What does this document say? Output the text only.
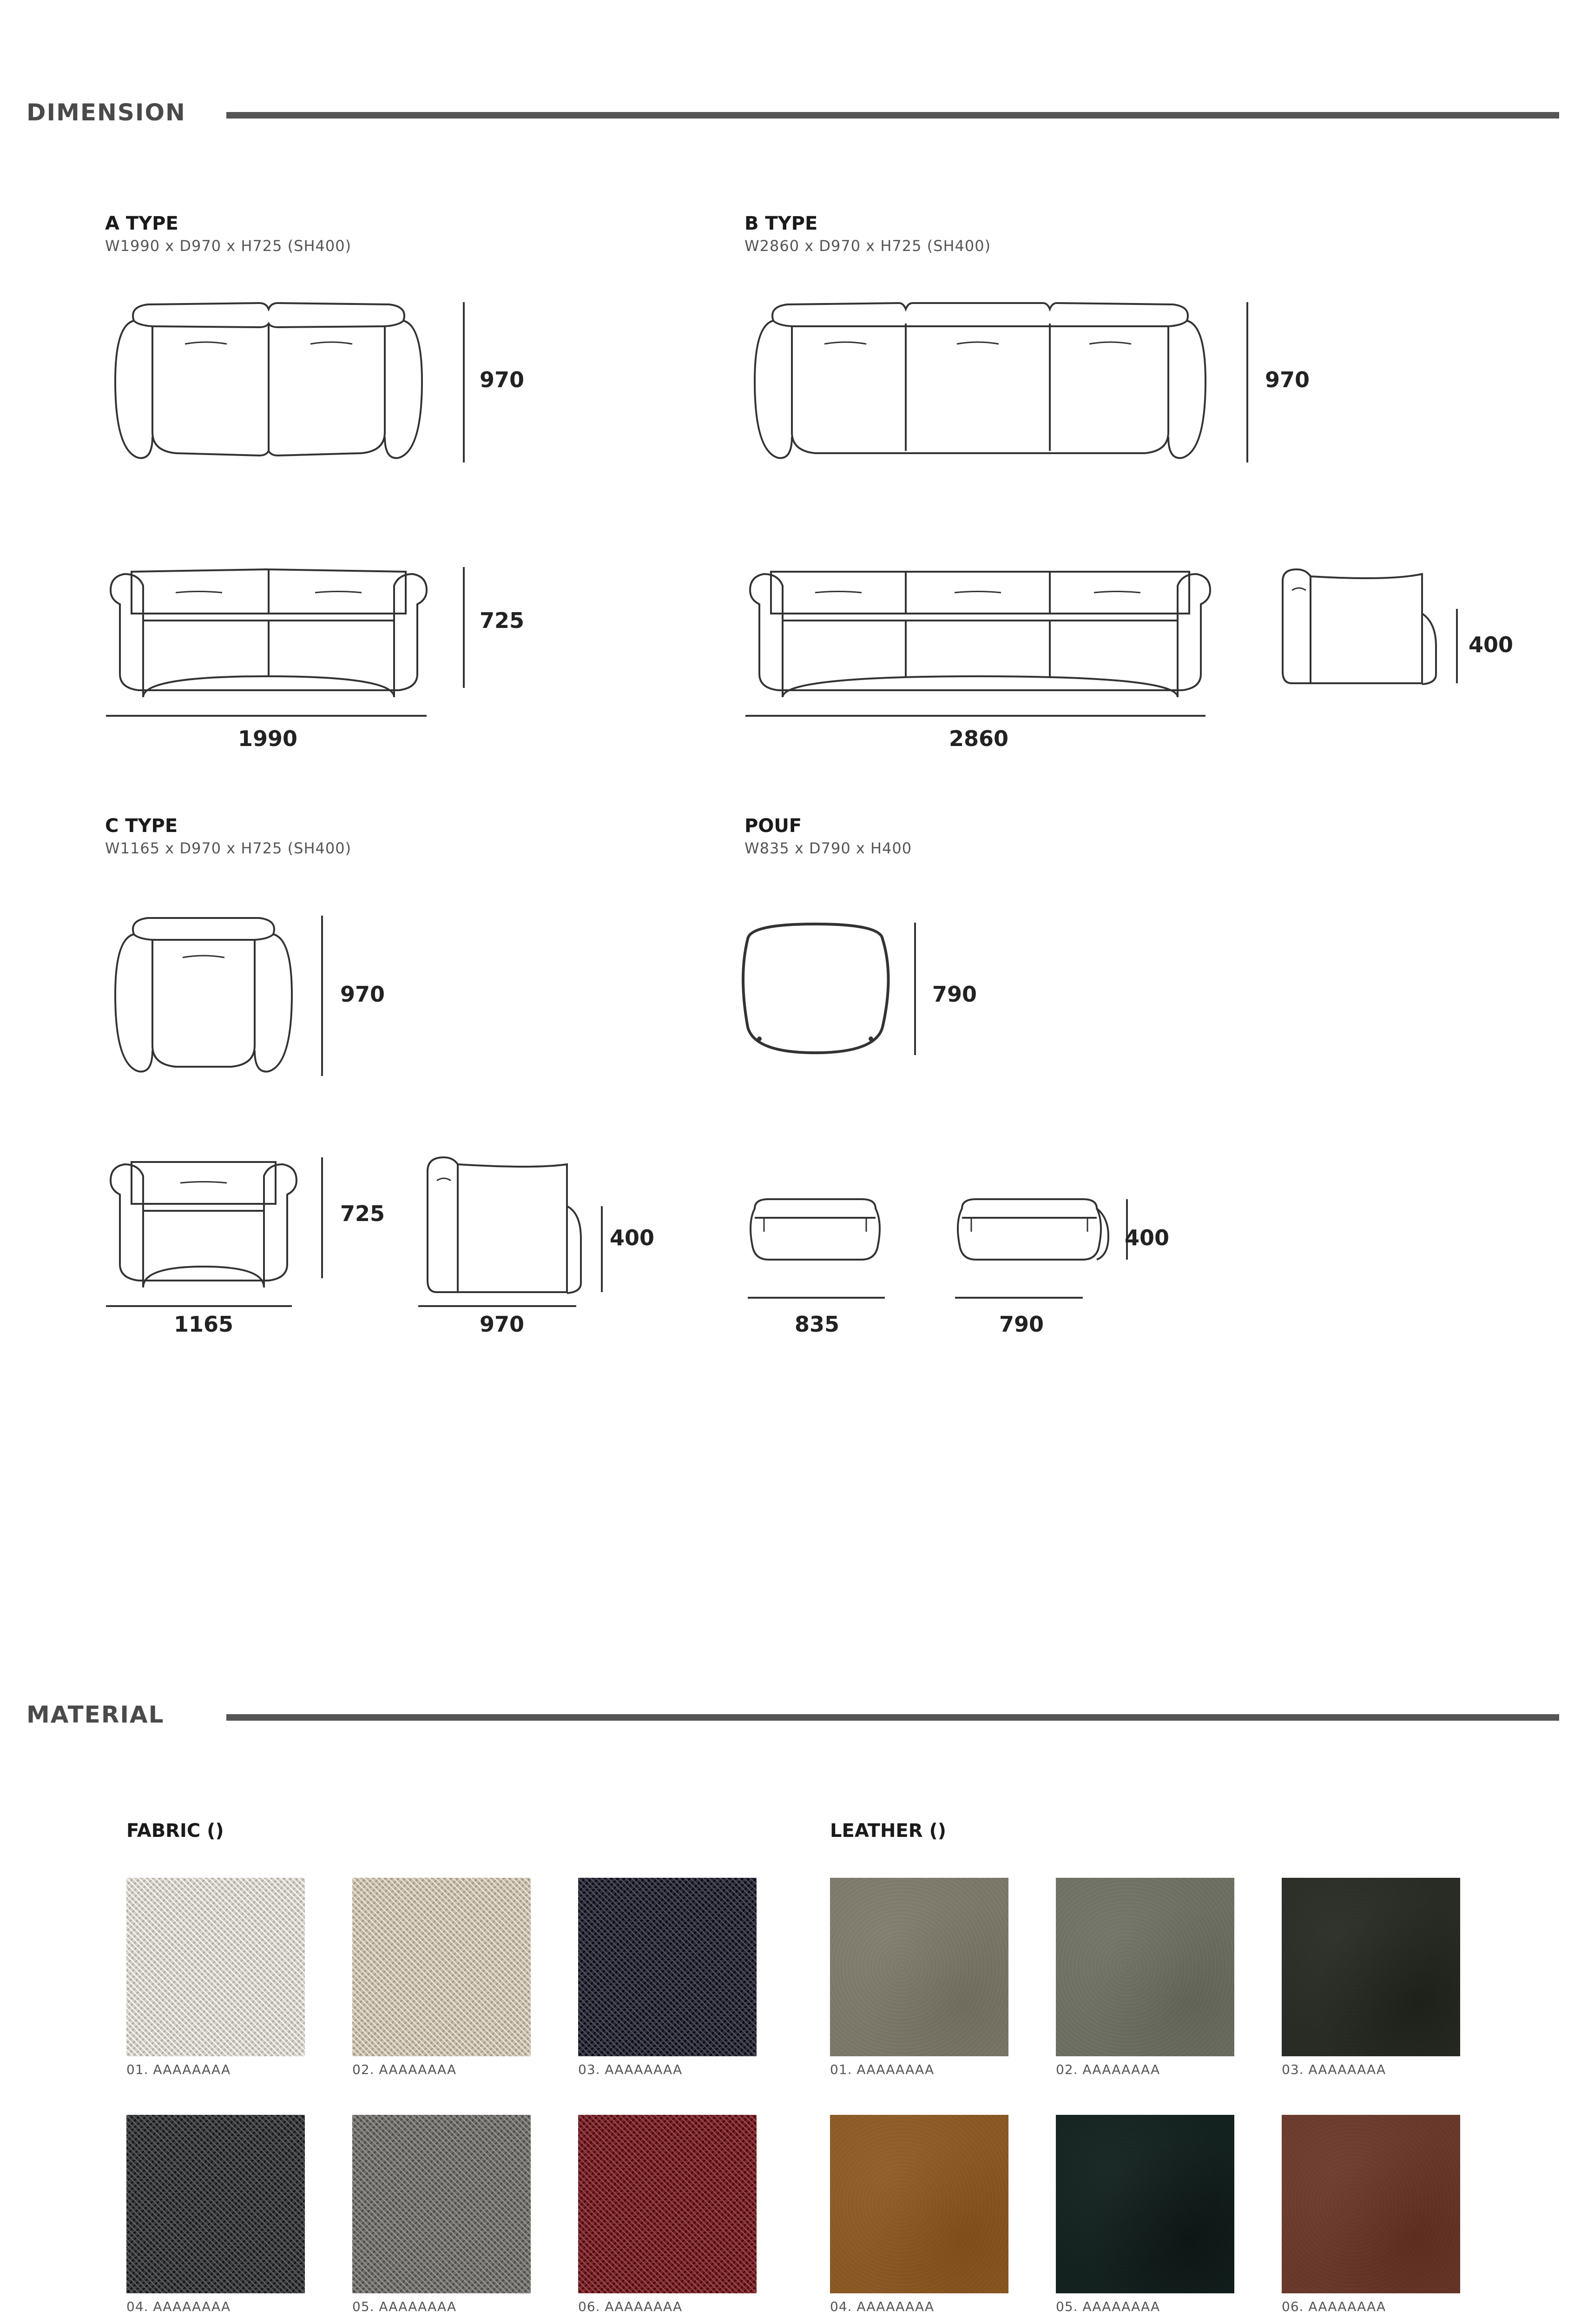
DIMENSION
A TYPE
W1990 x D970 x H725 (SH400)
970
725
1990
B TYPE
W2860 x D970 x H725 (SH400)
970
2860
400
C TYPE
W1165 x D970 x H725 (SH400)
970
725
1165
400
970
POUF
W835 x D790 x H400
790
835
400
790
MATERIAL
FABRIC ()	LEATHER ()
01. AAAAAAAA	02. AAAAAAAA	03. AAAAAAAA
04. AAAAAAAA	05. AAAAAAAA	06. AAAAAAAA
01. AAAAAAAA	02. AAAAAAAA	03. AAAAAAAA
04. AAAAAAAA	05. AAAAAAAA	06. AAAAAAAA
